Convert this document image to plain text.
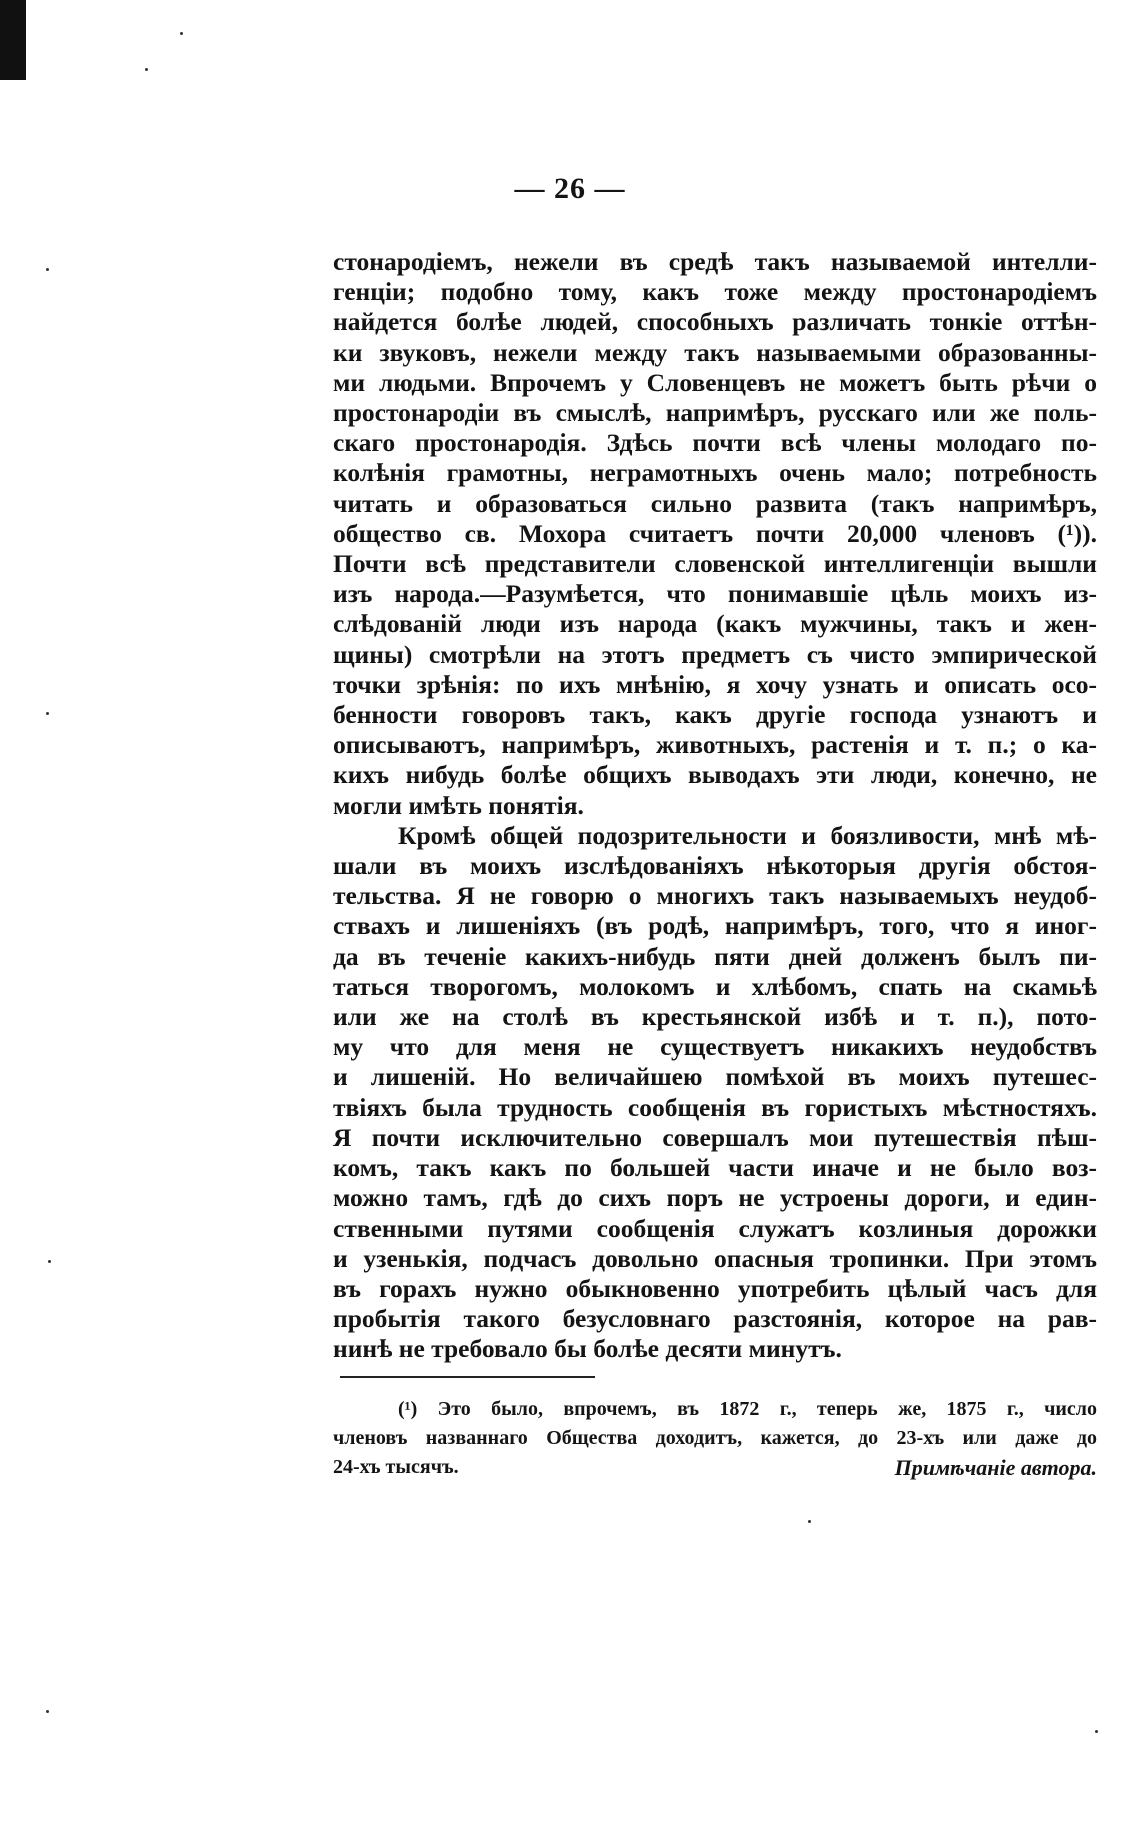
— 26 —
стонародіемъ, нежели въ средѣ такъ называемой интелли-
генціи; подобно тому, какъ тоже между простонародіемъ
найдется болѣе людей, способныхъ различать тонкіе оттѣн-
ки звуковъ, нежели между такъ называемыми образованны-
ми людьми. Впрочемъ у Словенцевъ не можетъ быть рѣчи о
простонародіи въ смыслѣ, напримѣръ, русскаго или же поль-
скаго простонародія. Здѣсь почти всѣ члены молодаго по-
колѣнія грамотны, неграмотныхъ очень мало; потребность
читать и образоваться сильно развита (такъ напримѣръ,
общество св. Мохора считаетъ почти 20,000 членовъ (¹)).
Почти всѣ представители словенской интеллигенціи вышли
изъ народа.—Разумѣется, что понимавшіе цѣль моихъ из-
слѣдованій люди изъ народа (какъ мужчины, такъ и жен-
щины) смотрѣли на этотъ предметъ съ чисто эмпирической
точки зрѣнія: по ихъ мнѣнію, я хочу узнать и описать осо-
бенности говоровъ такъ, какъ другіе господа узнаютъ и
описываютъ, напримѣръ, животныхъ, растенія и т. п.; о ка-
кихъ нибудь болѣе общихъ выводахъ эти люди, конечно, не
могли имѣть понятія.
Кромѣ общей подозрительности и боязливости, мнѣ мѣ-
шали въ моихъ изслѣдованіяхъ нѣкоторыя другія обстоя-
тельства. Я не говорю о многихъ такъ называемыхъ неудоб-
ствахъ и лишеніяхъ (въ родѣ, напримѣръ, того, что я иног-
да въ теченіе какихъ-нибудь пяти дней долженъ былъ пи-
таться творогомъ, молокомъ и хлѣбомъ, спать на скамьѣ
или же на столѣ въ крестьянской избѣ и т. п.), пото-
му что для меня не существуетъ никакихъ неудобствъ
и лишеній. Но величайшею помѣхой въ моихъ путешес-
твіяхъ была трудность сообщенія въ гористыхъ мѣстностяхъ.
Я почти исключительно совершалъ мои путешествія пѣш-
комъ, такъ какъ по большей части иначе и не было воз-
можно тамъ, гдѣ до сихъ поръ не устроены дороги, и един-
ственными путями сообщенія служатъ козлиныя дорожки
и узенькія, подчасъ довольно опасныя тропинки. При этомъ
въ горахъ нужно обыкновенно употребить цѣлый часъ для
пробытія такого безусловнаго разстоянія, которое на рав-
нинѣ не требовало бы болѣе десяти минутъ.
(¹) Это было, впрочемъ, въ 1872 г., теперь же, 1875 г., число
членовъ названнаго Общества доходитъ, кажется, до 23-хъ или даже до
24-хъ тысячъ.	Примѣчаніе автора.
